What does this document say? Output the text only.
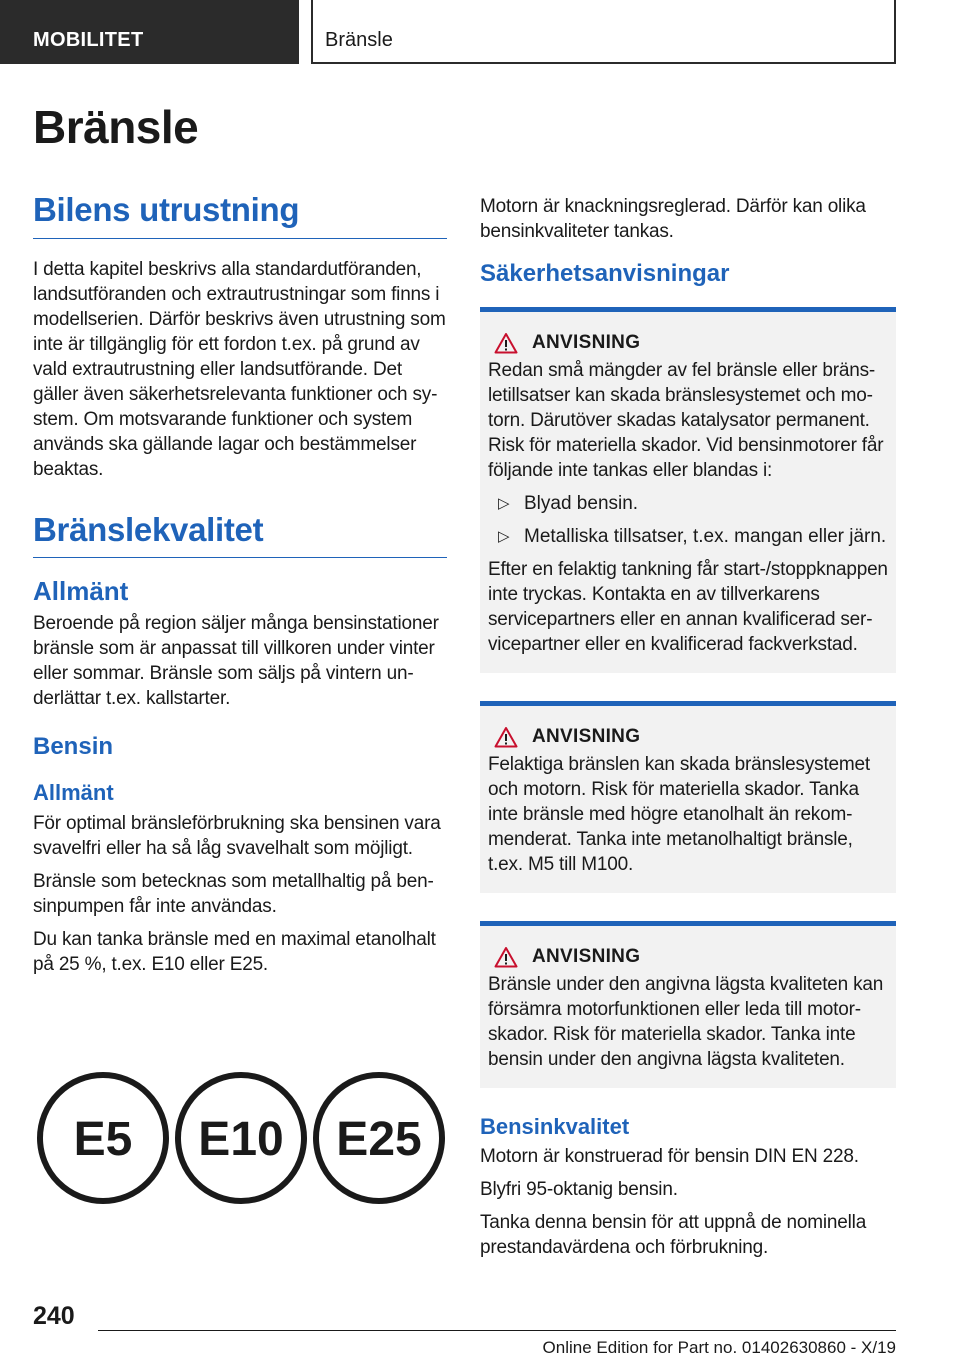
MOBILITET	Bränsle
Bränsle
Bilens utrustning

I detta kapitel beskrivs alla standardutföranden, landsutföranden och extrautrustningar som finns i modellserien. Därför beskrivs även utrustning som inte är tillgänglig för ett fordon t.ex. på grund av vald extrautrustning eller landsutförande. Det gäller även säkerhetsrelevanta funktioner och system. Om motsvarande funktioner och system används ska gällande lagar och bestämmelser beaktas.

Bränslekvalitet
Allmänt

Beroende på region säljer många bensinstationer bränsle som är anpassat till villkoren under vinter eller sommar. Bränsle som säljs på vintern underlättar t.ex. kallstarter.

Bensin
Allmänt

För optimal bränsleförbrukning ska bensinen vara svavelfri eller ha så låg svavelhalt som möjligt.

Bränsle som betecknas som metallhaltig på bensinpumpen får inte användas.

Du kan tanka bränsle med en maximal etanolhalt på 25 %, t.ex. E10 eller E25.

E5 E10 E25

Motorn är knackningsreglerad. Därför kan olika bensinkvaliteter tankas.

Säkerhetsanvisningar
ANVISNING

Redan små mängder av fel bränsle eller bränsletillsatser kan skada bränslesystemet och motorn. Därutöver skadas katalysator permanent. Risk för materiella skador. Vid bensinmotorer får följande inte tankas eller blandas i:

▷ Blyad bensin.
▷ Metalliska tillsatser, t.ex. mangan eller järn.

Efter en felaktig tankning får start-/stoppknappen inte tryckas. Kontakta en av tillverkarens servicepartners eller en annan kvalificerad servicepartner eller en kvalificerad fackverkstad.

ANVISNING

Felaktiga bränslen kan skada bränslesystemet och motorn. Risk för materiella skador. Tanka inte bränsle med högre etanolhalt än rekommenderat. Tanka inte metanolhaltigt bränsle, t.ex. M5 till M100.

ANVISNING

Bränsle under den angivna lägsta kvaliteten kan försämra motorfunktionen eller leda till motorskador. Risk för materiella skador. Tanka inte bensin under den angivna lägsta kvaliteten.

Bensinkvalitet

Motorn är konstruerad för bensin DIN EN 228.

Blyfri 95-oktanig bensin.

Tanka denna bensin för att uppnå de nominella prestandavärdena och förbrukning.

240
Online Edition for Part no. 01402630860 - X/19
